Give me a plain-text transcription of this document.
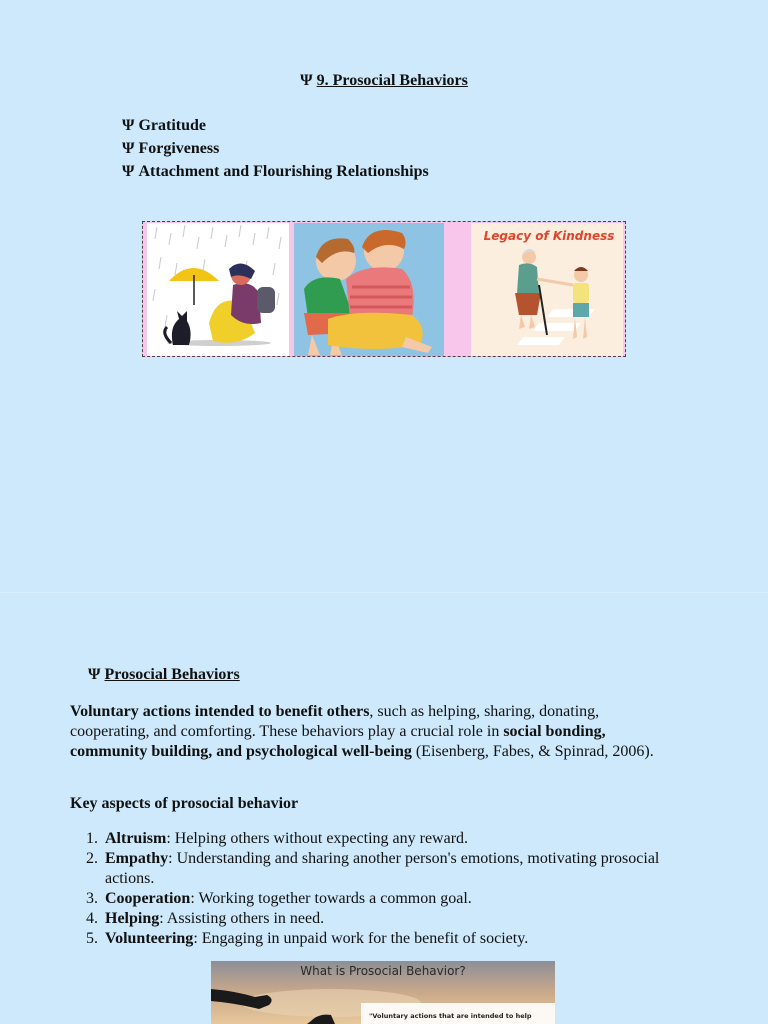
Ψ 9. Prosocial Behaviors
Ψ Gratitude
Ψ Forgiveness
Ψ Attachment and Flourishing Relationships
Legacy of Kindness
Ψ Prosocial Behaviors
Voluntary actions intended to benefit others, such as helping, sharing, donating, cooperating, and comforting. These behaviors play a crucial role in social bonding, community building, and psychological well-being (Eisenberg, Fabes, & Spinrad, 2006).
Key aspects of prosocial behavior
1. Altruism: Helping others without expecting any reward.
2. Empathy: Understanding and sharing another person's emotions, motivating prosocial actions.
3. Cooperation: Working together towards a common goal.
4. Helping: Assisting others in need.
5. Volunteering: Engaging in unpaid work for the benefit of society.
What is Prosocial Behavior?
"Voluntary actions that are intended to help
